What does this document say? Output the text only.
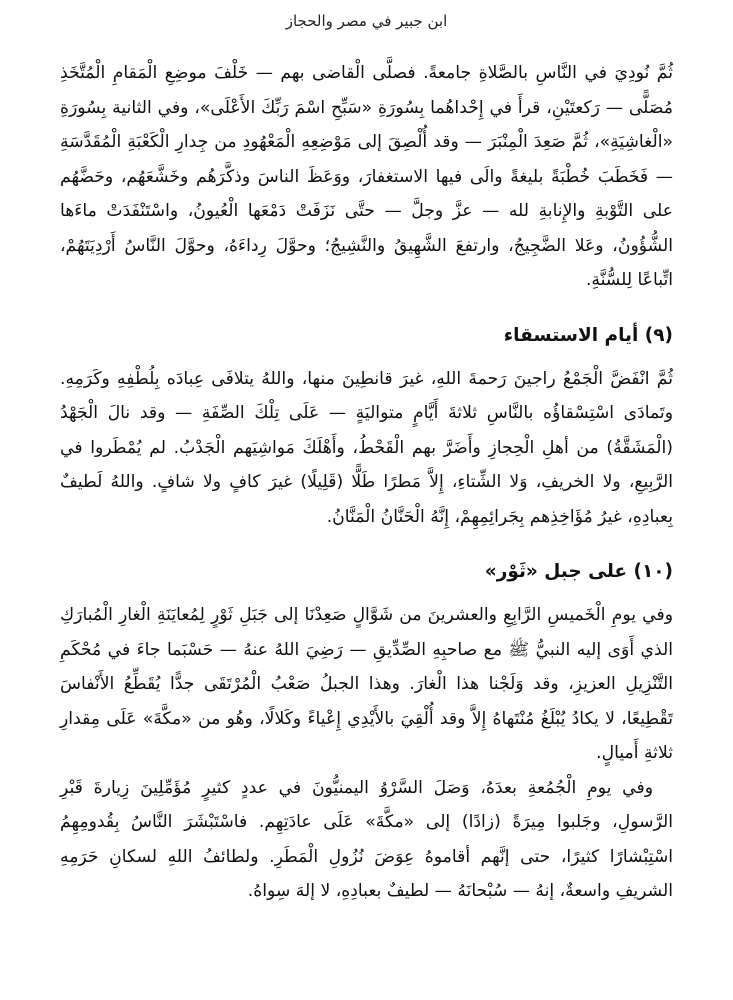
ابن جبير في مصر والحجاز

ثُمَّ نُودِيَ في النَّاسِ بالصَّلاةِ جامعةً. فصلَّى الْقاضى بهم — خَلْفَ موضِعِ الْمَقامِ الْمُتَّخَذِ مُصَلًّى — رَكعتَيْنِ، قرأَ في إِحْداهُما بِسُورَةِ «سَبِّحِ اسْمَ رَبِّكَ الأَعْلَى»، وفي الثانية بِسُورَةِ «الْغاشِيَةِ»، ثُمَّ صَعِدَ الْمِنْبَرَ — وقد أُلْصِقَ إلى مَوْضِعِهِ الْمَعْهُودِ من جِدارِ الْكَعْبَةِ الْمُقَدَّسَةِ — فَخَطَبَ خُطْبَةً بليغةً والَى فيها الاستغفارَ، ووَعَظَ الناسَ وذكَّرَهُم وخَشَّعَهُم، وحَضَّهُم على التَّوْبةِ والإِنابةِ لله — عزَّ وجلَّ — حتَّى نَزَفَتْ دَمْعَها الْعُيونُ، واسْتَنْفَدَتْ ماءَها الشُّؤُونُ، وعَلا الضَّجِيجُ، وارتفعَ الشَّهِيقُ والنَّشِيجُ؛ وحوَّلَ رِداءَهُ، وحوَّلَ النَّاسُ أَرْدِيَتَهُمْ، اتِّباعًا لِلسُّنَّةِ.

(٩) أيام الاستسقاء

ثُمَّ انْفَضَّ الْجَمْعُ راجينَ رَحمةَ اللهِ، غيرَ قانطِينَ منها، واللهُ يتلافَى عِبادَه بِلُطْفِهِ وكَرَمِهِ. وتَمادَى اسْتِسْقاؤُه بالنَّاسِ ثلاثةَ أَيَّامٍ متواليَةٍ — عَلَى تِلْكَ الصِّفَةِ — وقد نالَ الْجَهْدُ (الْمَشَقَّةُ) من أهلِ الْحِجازِ وأَضَرَّ بهم الْقَحْطُ، وأَهْلَكَ مَواشِيَهم الْجَدْبُ. لم يُمْطَروا في الرَّبِيعِ، ولا الخريفِ، وَلا الشِّتاءِ، إِلاَّ مَطرًا طَلًّا (قَلِيلًا) غيرَ كافٍ ولا شافٍ. واللهُ لَطيفٌ بِعبادِهِ، غيرُ مُؤَاخِذِهم بِجَرائِمِهِمْ، إِنَّهُ الْحَنَّانُ الْمَنَّانُ.

(١٠) على جبل «ثَوْر»

وفي يومِ الْخَميسِ الرَّابِعِ والعشرينَ من شَوَّالٍ صَعِدْنَا إلى جَبَلِ ثَوْرٍ لِمُعايَنَةِ الْغارِ الْمُبارَكِ الذي أَوَى إليه النبيُّ ﷺ مع صاحبِهِ الصِّدِّيقِ — رَضِيَ اللهُ عنهُ — حَسْبَما جاءَ في مُحْكَمِ التَّنْزِيلِ العزيزِ، وقد وَلَجْنا هذا الْغارَ. وهذا الجبلُ صَعْبُ الْمُرْتَقَى جدًّا يُقَطِّعُ الأَنْفاسَ تَقْطِيعًا، لا يكادُ يُبْلَغُ مُنْتَهاهُ إِلاَّ وقد أُلْقِيَ بالأَيْدِي إِعْياءً وكَلالًا، وهُو من «مكَّةَ» عَلَى مِقدارِ ثلاثةِ أَميالٍ.

وفي يومِ الْجُمُعةِ بعدَهُ، وَصَلَ السَّرْوُ اليمنيُّونَ في عددٍ كثيرٍ مُؤَمِّلِينَ زِيارةَ قَبْرِ الرَّسولِ، وجَلبوا مِيرَةً (زادًا) إلى «مكَّةَ» عَلَى عادَتِهِم. فاسْتَبْشَرَ النَّاسُ بِقُدومِهِمُ اسْتِبْشارًا كثيرًا، حتى إنَّهم أقاموهُ عِوَضَ نُزُولِ الْمَطَرِ. ولطائفُ اللهِ لسكانِ حَرَمِهِ الشريفِ واسعةٌ، إنهُ — سُبْحانَهُ — لطيفٌ بعبادِهِ، لا إلهَ سِواهُ.
